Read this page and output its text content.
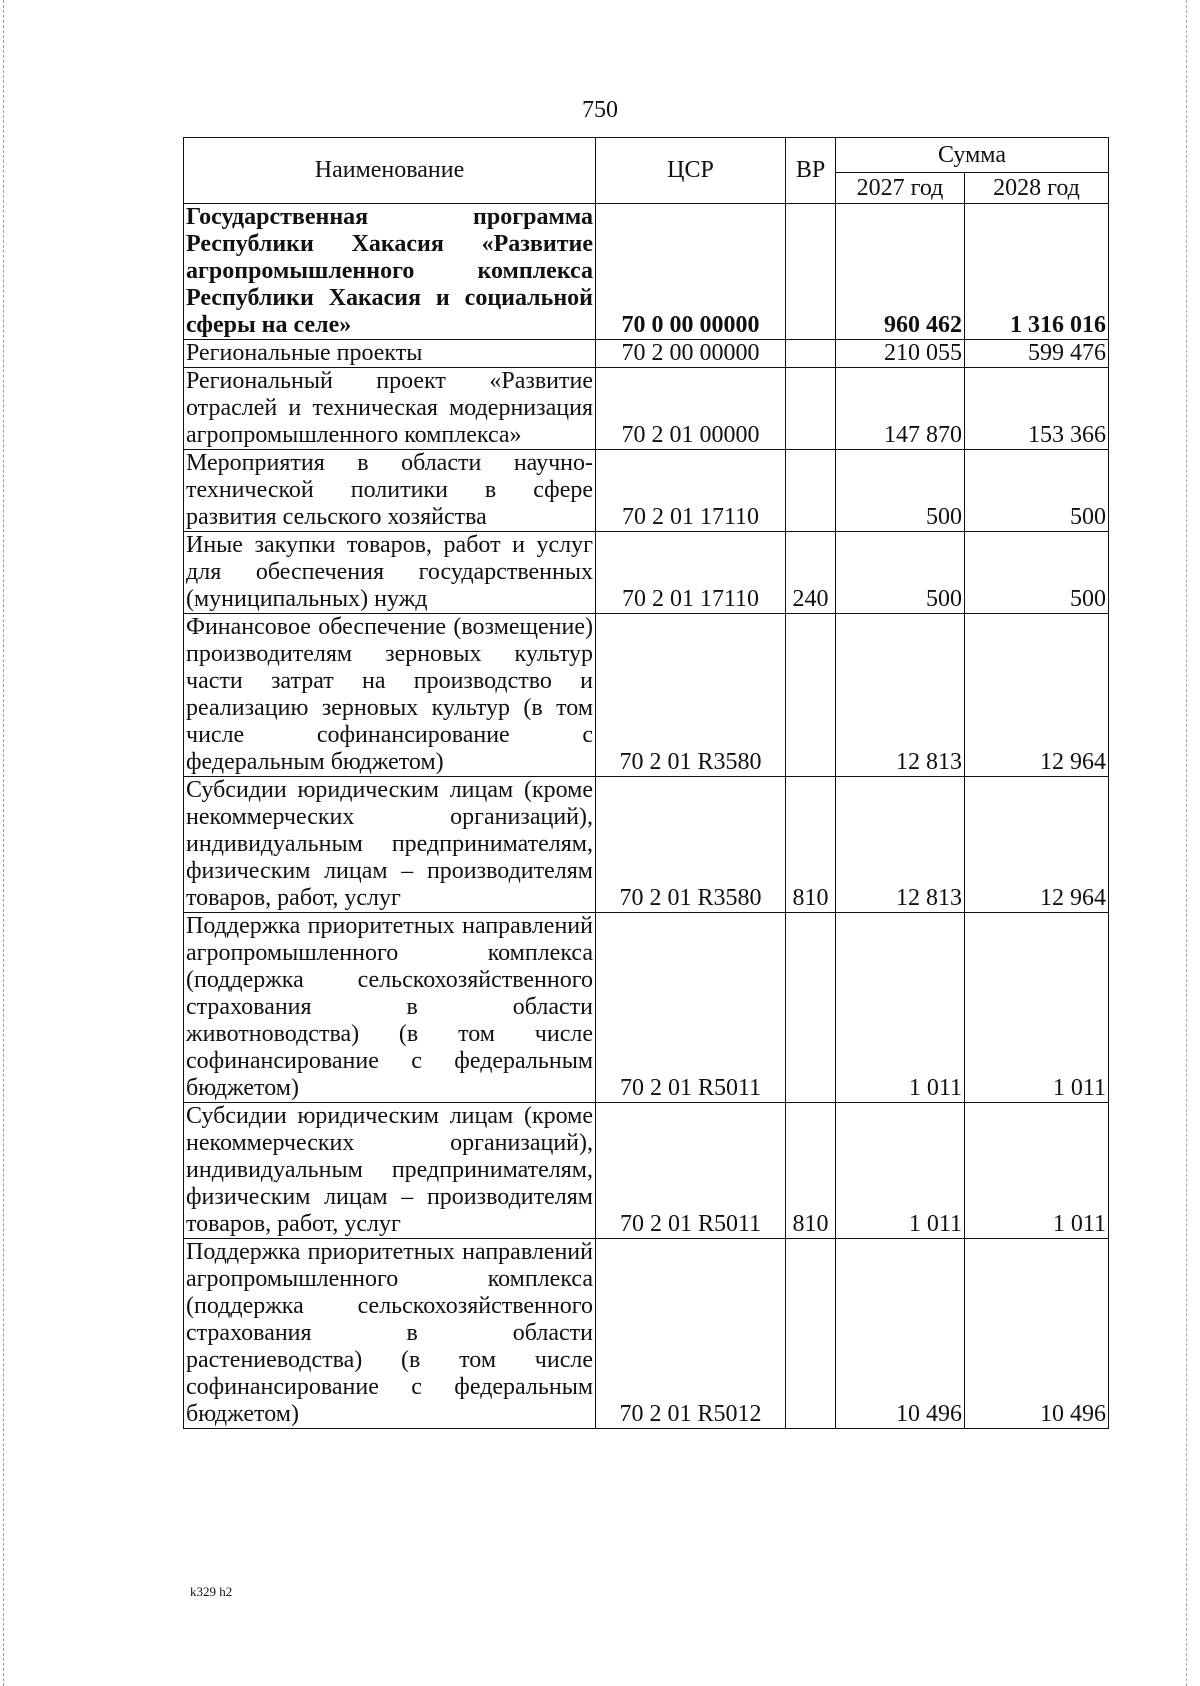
750
Наименование	ЦСР	ВР	Сумма	
			2027 год	2028 год
Государственная программа Республики Хакасия «Развитие агропромышленного комплекса Республики Хакасия и социальной сферы на селе»	70 0 00 00000		960 462	1 316 016
Региональные проекты	70 2 00 00000		210 055	599 476
Региональный проект «Развитие отраслей и техническая модернизация агропромышленного комплекса»	70 2 01 00000		147 870	153 366
Мероприятия в области научно-технической политики в сфере развития сельского хозяйства	70 2 01 17110		500	500
Иные закупки товаров, работ и услуг для обеспечения государственных (муниципальных) нужд	70 2 01 17110	240	500	500
Финансовое обеспечение (возмещение) производителям зерновых культур части затрат на производство и реализацию зерновых культур (в том числе софинансирование с федеральным бюджетом)	70 2 01 R3580		12 813	12 964
Субсидии юридическим лицам (кроме некоммерческих организаций), индивидуальным предпринимателям, физическим лицам – производителям товаров, работ, услуг	70 2 01 R3580	810	12 813	12 964
Поддержка приоритетных направлений агропромышленного комплекса (поддержка сельскохозяйственного страхования в области животноводства) (в том числе софинансирование с федеральным бюджетом)	70 2 01 R5011		1 011	1 011
Субсидии юридическим лицам (кроме некоммерческих организаций), индивидуальным предпринимателям, физическим лицам – производителям товаров, работ, услуг	70 2 01 R5011	810	1 011	1 011
Поддержка приоритетных направлений агропромышленного комплекса (поддержка сельскохозяйственного страхования в области растениеводства) (в том числе софинансирование с федеральным бюджетом)	70 2 01 R5012		10 496	10 496
k329 h2
